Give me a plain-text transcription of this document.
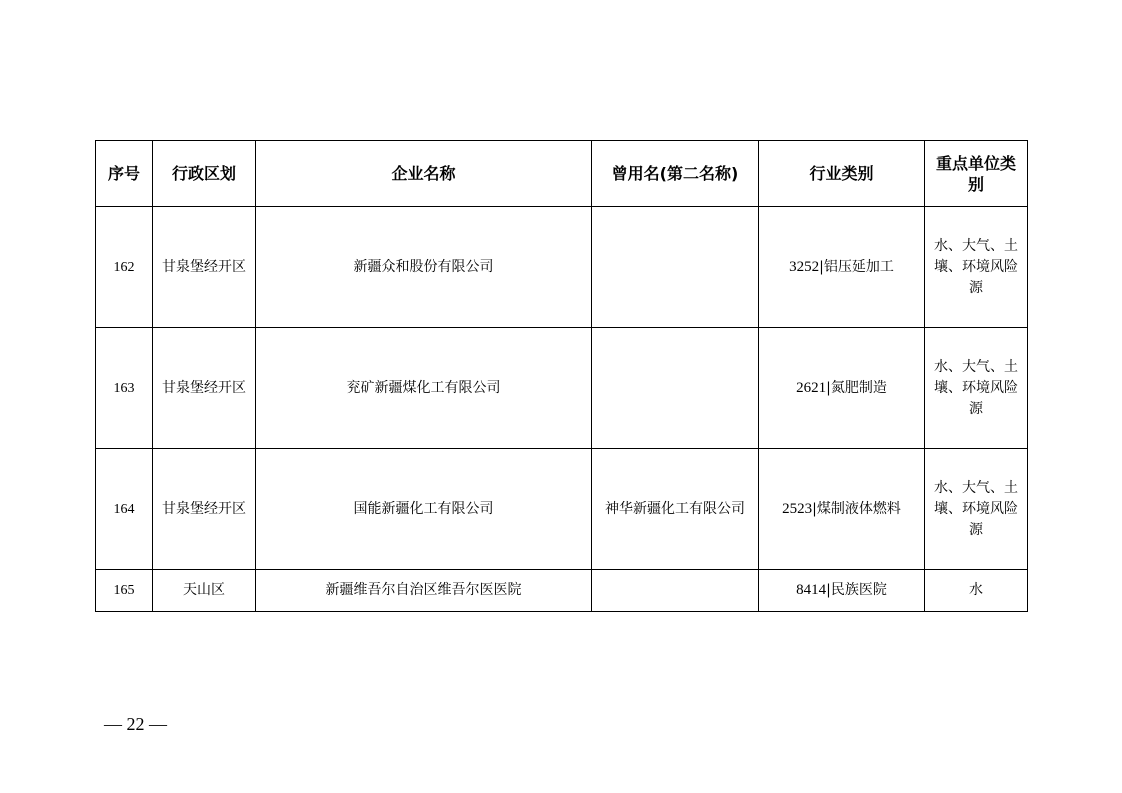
序号	行政区划	企业名称	曾用名(第二名称)	行业类别	重点单位类别
162	甘泉堡经开区	新疆众和股份有限公司		3252|铝压延加工	水、大气、土壤、环境风险源
163	甘泉堡经开区	兖矿新疆煤化工有限公司		2621|氮肥制造	水、大气、土壤、环境风险源
164	甘泉堡经开区	国能新疆化工有限公司	神华新疆化工有限公司	2523|煤制液体燃料	水、大气、土壤、环境风险源
165	天山区	新疆维吾尔自治区维吾尔医医院		8414|民族医院	水
— 22 —
